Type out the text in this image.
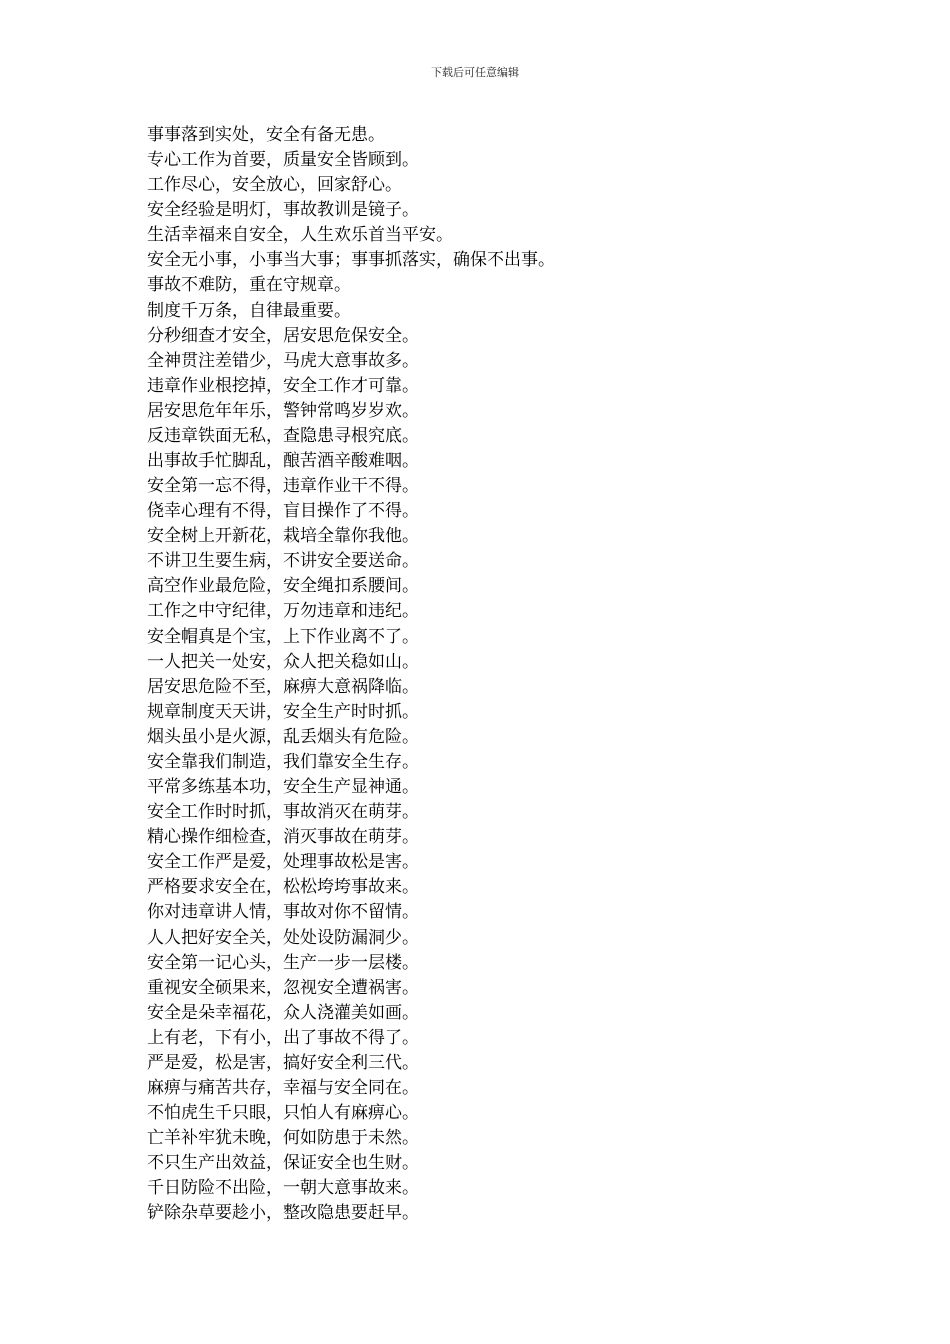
下载后可任意编辑
事事落到实处，安全有备无患。
专心工作为首要，质量安全皆顾到。
工作尽心，安全放心，回家舒心。
安全经验是明灯，事故教训是镜子。
生活幸福来自安全，人生欢乐首当平安。
安全无小事，小事当大事；事事抓落实，确保不出事。
事故不难防，重在守规章。
制度千万条，自律最重要。
分秒细查才安全，居安思危保安全。
全神贯注差错少，马虎大意事故多。
违章作业根挖掉，安全工作才可靠。
居安思危年年乐，警钟常鸣岁岁欢。
反违章铁面无私，查隐患寻根究底。
出事故手忙脚乱，酿苦酒辛酸难咽。
安全第一忘不得，违章作业干不得。
侥幸心理有不得，盲目操作了不得。
安全树上开新花，栽培全靠你我他。
不讲卫生要生病，不讲安全要送命。
高空作业最危险，安全绳扣系腰间。
工作之中守纪律，万勿违章和违纪。
安全帽真是个宝，上下作业离不了。
一人把关一处安，众人把关稳如山。
居安思危险不至，麻痹大意祸降临。
规章制度天天讲，安全生产时时抓。
烟头虽小是火源，乱丢烟头有危险。
安全靠我们制造，我们靠安全生存。
平常多练基本功，安全生产显神通。
安全工作时时抓，事故消灭在萌芽。
精心操作细检查，消灭事故在萌芽。
安全工作严是爱，处理事故松是害。
严格要求安全在，松松垮垮事故来。
你对违章讲人情，事故对你不留情。
人人把好安全关，处处设防漏洞少。
安全第一记心头，生产一步一层楼。
重视安全硕果来，忽视安全遭祸害。
安全是朵幸福花，众人浇灌美如画。
上有老，下有小，出了事故不得了。
严是爱，松是害，搞好安全利三代。
麻痹与痛苦共存，幸福与安全同在。
不怕虎生千只眼，只怕人有麻痹心。
亡羊补牢犹未晚，何如防患于未然。
不只生产出效益，保证安全也生财。
千日防险不出险，一朝大意事故来。
铲除杂草要趁小，整改隐患要赶早。
